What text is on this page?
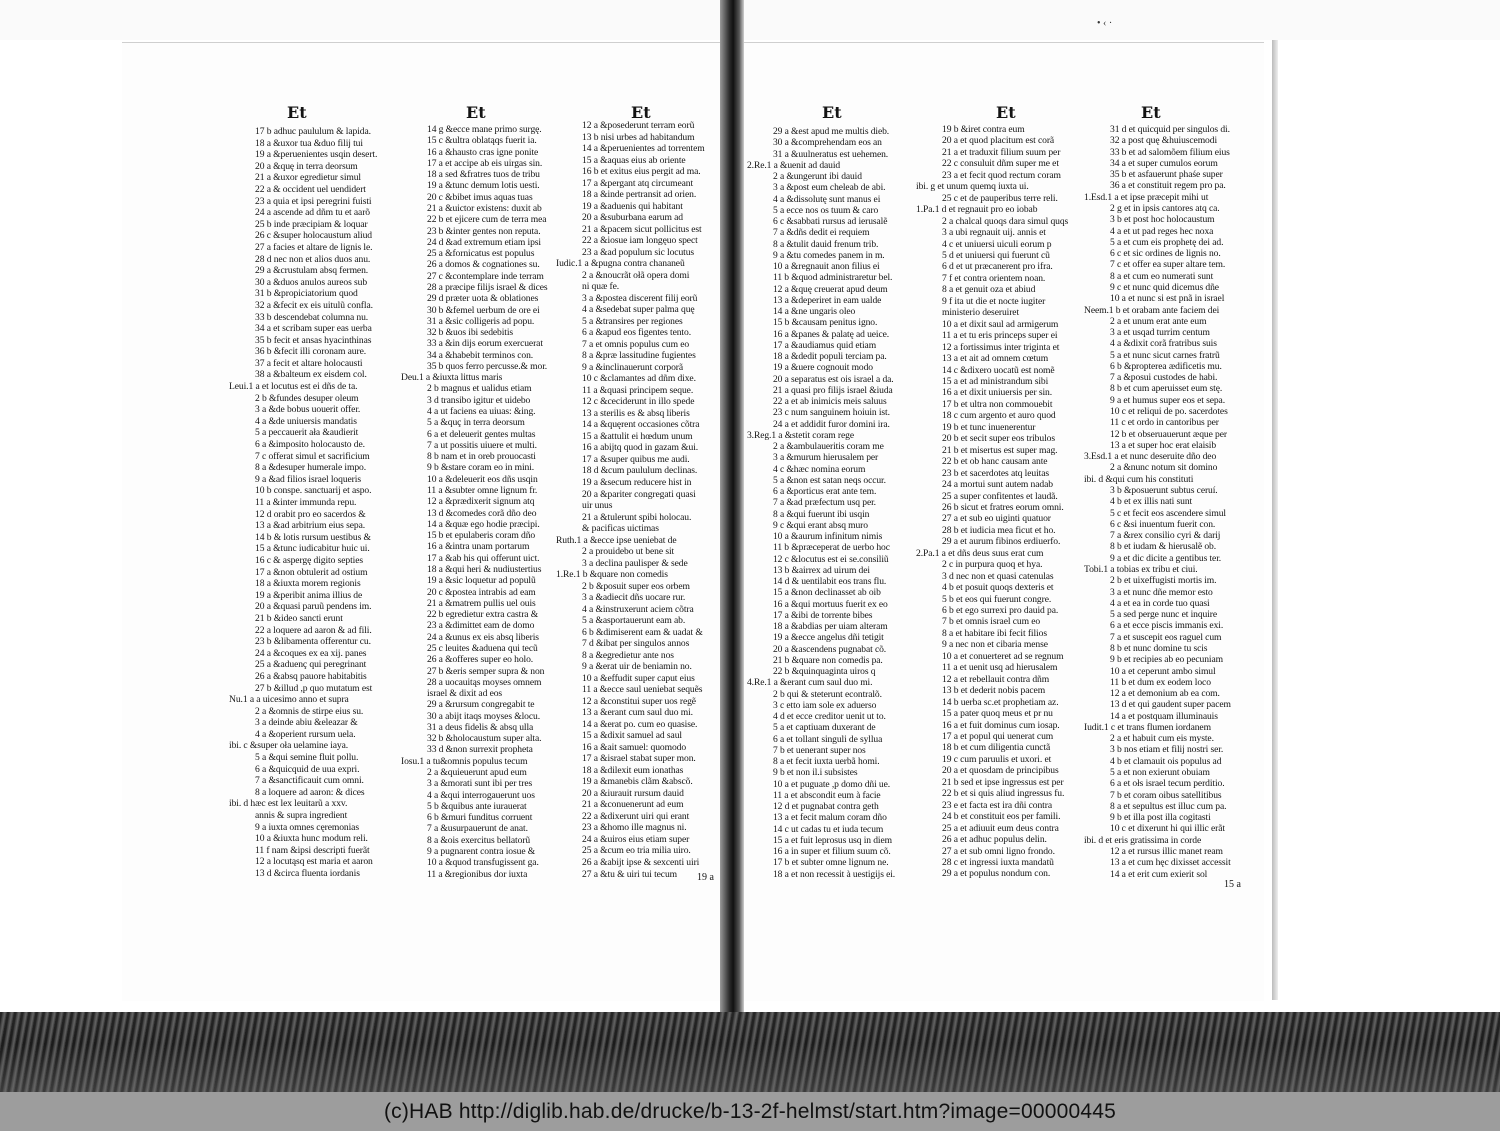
• ‹ ·
Et
17 b adhuc paululum & lapida.
18 a &uxor tua &duo filij tui
19 a &peruenientes usqin desert.
20 a &quę in terra deorsum
21 a &uxor egredietur simul
22 a & occident uel uendidert
23 a quia et ipsi peregrini fuisti
24 a ascende ad dñm tu et aarõ
25 b inde præcipiam & loquar
26 c &super holocaustum aliud
27 a facies et altare de lignis le.
28 d nec non et alios duos anu.
29 a &crustulam absq fermen.
30 a &duos anulos aureos sub
31 b &propiciatorium quod
32 a &fecit ex eis uitulũ confla.
33 b descendebat columna nu.
34 a et scribam super eas uerba
35 b fecit et ansas hyacinthinas
36 b &fecit illi coronam aure.
37 a fecit et altare holocausti
38 a &balteum ex eisdem col.
Leui.1 a et locutus est ei dñs de ta.
2 b &fundes desuper oleum
3 a &de bobus uouerit offer.
4 a &de uniuersis mandatis
5 a peccauerit ała &audierit
6 a &imposito holocausto de.
7 c offerat simul et sacrificium
8 a &desuper humerale impo.
9 a &ad filios israel loqueris
10 b conspe. sanctuarij et aspo.
11 a &inter immunda repu.
12 d orabit pro eo sacerdos &
13 a &ad arbitrium eius sepa.
14 b & lotis rursum uestibus &
15 a &tunc iudicabitur huic ui.
16 c & aspergę digito septies
17 a &non obtulerit ad ostium
18 a &iuxta morem regionis
19 a &peribit anima illius de
20 a &quasi paruũ pendens im.
21 b &ideo sancti erunt
22 a loquere ad aaron & ad fili.
23 b &libamenta offerentur cu.
24 a &coques ex ea xij. panes
25 a &aduenç qui peregrinant
26 a &absq pauore habitabitis
27 b &illud ,p quo mutatum est
Nu.1 a a uicesimo anno et supra
2 a &omnis de stirpe eius su.
3 a deinde abiu &eleazar &
4 a &operient rursum uela.
ibi. c &super oła uelamine iaya.
5 a &qui semine fluit pollu.
6 a &quicquid de uua expri.
7 a &sanctificauit cum omni.
8 a loquere ad aaron: & dices
ibi. d hæc est lex leuitarũ a xxv.
annis & supra ingredient
9 a iuxta omnes cęremonias
10 a &iuxta hunc modum reli.
11 f nam &ipsi descripti fuerãt
12 a locutąsq est maria et aaron
13 d &circa fluenta iordanis
Et
14 g &ecce mane primo surgę.
15 c &ultra oblatąqs fuerit ia.
16 a &hausto cras igne ponite
17 a et accipe ab eis uirgas sin.
18 a sed &fratres tuos de tribu
19 a &tunc demum lotis uesti.
20 c &bibet imus aquas tuas
21 a &uictor existens: duxit ab
22 b et ejicere cum de terra mea
23 b &inter gentes non reputa.
24 d &ad extremum etiam ipsi
25 a &fornicatus est populus
26 a domos & cognationes su.
27 c &contemplare inde terram
28 a præcipe filijs israel & dices
29 d præter uota & oblationes
30 b &femel uerbum de ore ei
31 a &sic colligeris ad popu.
32 b &uos ibi sedebitis
33 a &in dijs eorum exercuerat
34 a &habebit terminos con.
35 b quos ferro percusse.& mor.
Deu.1 a &iuxta littus maris
2 b magnus et ualidus etiam
3 d transibo igitur et uidebo
4 a ut faciens ea uiuas: &ing.
5 a &quç in terra deorsum
6 a et deleuerit gentes multas
7 a ut possitis uiuere et multi.
8 b nam et in oreb prouocasti
9 b &stare coram eo in mini.
10 a &deleuerit eos dñs usqin
11 a &subter omne lignum fr.
12 a &prædixerit signum atq
13 d &comedes corã dño deo
14 a &quæ ego hodie præcipi.
15 b et epulaberis coram dño
16 a &intra unam portarum
17 a &ab his qui offerunt uict.
18 a &qui heri & nudiustertius
19 a &sic loquetur ad populũ
20 c &postea intrabis ad eam
21 a &matrem pullis uel ouis
22 b egredietur extra castra &
23 a &dimittet eam de domo
24 a &unus ex eis absq liberis
25 c leuites &aduena qui tecũ
26 a &offeres super eo holo.
27 b &eris semper supra & non
28 a uocauitąs moyses omnem
israel & dixit ad eos
29 a &rursum congregabit te
30 a abijt itaqs moyses &locu.
31 a deus fidelis & absq ulla
32 b &holocaustum super alta.
33 d &non surrexit propheta
Iosu.1 a tu&omnis populus tecum
2 a &quieuerunt apud eum
3 a &morati sunt ibi per tres
4 a &qui interrogauerunt uos
5 b &quibus ante iurauerat
6 b &muri funditus corruent
7 a &usurpauerunt de anat.
8 a &ois exercitus bellatorũ
9 a pugnarent contra iosue &
10 a &quod transfugissent ga.
11 a &regionibus dor iuxta
Et
12 a &posederunt terram eorũ
13 b nisi urbes ad habitandum
14 a &peruenientes ad torrentem
15 a &aquas eius ab oriente
16 b et exitus eius pergit ad ma.
17 a &pergant atq circumeant
18 a &inde pertransit ad orien.
19 a &aduenis qui habitant
20 a &suburbana earum ad
21 a &pacem sicut pollicitus est
22 a &iosue iam longęuo spect
23 a &ad populum sic locutus
Iudic.1 a &pugna contra chananeũ
2 a &noucrãt ołã opera domi
ni quæ fe.
3 a &postea discerent filij eorũ
4 a &sedebat super palma quę
5 a &transires per regiones
6 a &apud eos figentes tento.
7 a et omnis populus cum eo
8 a &præ lassitudine fugientes
9 a &inclinauerunt corporã
10 c &clamantes ad dñm dixe.
11 a &quasi principem seque.
12 c &ceciderunt in illo spede
13 a sterilis es & absq liberis
14 a &quęrent occasiones cõtra
15 a &attulit ei hœdum unum
16 a abijtq quod in gazam &ui.
17 a &super quibus me audi.
18 d &cum paululum declinas.
19 a &secum reducere hist in
20 a &pariter congregati quasi
uir unus
21 a &tulerunt spibi holocau.
& pacificas uictimas
Ruth.1 a &ecce ipse ueniebat de
2 a prouidebo ut bene sit
3 a declina paulisper & sede
1.Re.1 b &quare non comedis
2 b &posuit super eos orbem
3 a &adiecit dñs uocare rur.
4 a &instruxerunt aciem cõtra
5 a &asportauerunt eam ab.
6 b &dimiserent eam & uadat &
7 d &ibat per singulos annos
8 a &egredietur ante nos
9 a &erat uir de beniamin no.
10 a &effudit super caput eius
11 a &ecce saul ueniebat sequẽs
12 a &constitui super uos regẽ
13 a &erant cum saul duo mi.
14 a &erat po. cum eo quasise.
15 a &dixit samuel ad saul
16 a &ait samuel: quomodo
17 a &israel stabat super mon.
18 a &dilexit eum ionathas
19 a &manebis clãm &abscõ.
20 a &iurauit rursum dauid
21 a &conuenerunt ad eum
22 a &dixerunt uiri qui erant
23 a &homo ille magnus ni.
24 a &uiros eius etiam super
25 a &cum eo tria milia uiro.
26 a &abijt ipse & sexcenti uiri
27 a &tu & uiri tui tecum
Et
29 a &est apud me multis dieb.
30 a &comprehendam eos an
31 a &uulneratus est uehemen.
2.Re.1 a &uenit ad dauid
2 a &ungerunt ibi dauid
3 a &post eum cheleab de abi.
4 a &dissolutę sunt manus ei
5 a ecce nos os tuum & caro
6 c &sabbati rursus ad ierusalẽ
7 a &dñs dedit ei requiem
8 a &tulit dauid frenum trib.
9 a &tu comedes panem in m.
10 a &regnauit anon filius ei
11 b &quod administraretur bel.
12 a &quę creuerat apud deum
13 a &deperiret in eam ualde
14 a &ne ungaris oleo
15 b &causam penitus igno.
16 a &panes & palatę ad ueice.
17 a &audiamus quid etiam
18 a &dedit populi terciam pa.
19 a &uere cognouit modo
20 a separatus est ois israel a da.
21 a quasi pro filijs israel &iuda
22 a et ab inimicis meis saluus
23 c num sanguinem hoiuin ist.
24 a et addidit furor domini ira.
3.Reg.1 a &stetit coram rege
2 a &ambulaueritis coram me
3 a &murum hierusalem per
4 c &hæc nomina eorum
5 a &non est satan neqs occur.
6 a &porticus erat ante tem.
7 a &ad præfectum usq per.
8 a &qui fuerunt ibi usqin
9 c &qui erant absq muro
10 a &aurum infinitum nimis
11 b &præceperat de uerbo hoc
12 c &locutus est ei se.consiliũ
13 b &airrex ad uirum dei
14 d & uentilabit eos trans flu.
15 a &non declinasset ab oib
16 a &qui mortuus fuerit ex eo
17 a &ibi de torrente bibes
18 a &abdias per uiam alteram
19 a &ecce angelus dñi tetigit
20 a &ascendens pugnabat cõ.
21 b &quare non comedis pa.
22 b &quinquaginta uiros q
4.Re.1 a &erant cum saul duo mi.
2 b qui & steterunt econtralõ.
3 c etto iam sole ex aduerso
4 d et ecce creditor uenit ut to.
5 a et captiuam duxerant de
6 a et tollant singuli de syllua
7 b et uenerant super nos
8 a et fecit iuxta uerbã homi.
9 b et non il.i subsistes
10 a et puguate ,p domo dñi ue.
11 a et abscondit eum à facie
12 d et pugnabat contra geth
13 a et fecit malum coram dño
14 c ut cadas tu et iuda tecum
15 a et fuit leprosus usq in diem
16 a in super et filium suum cõ.
17 b et subter omne lignum ne.
18 a et non recessit à uestigijs ei.
Et
19 b &iret contra eum
20 a et quod placitum est corã
21 a et traduxit filium suum per
22 c consuluit dñm super me et
23 a et fecit quod rectum coram
ibi. g et unum quemq iuxta ui.
25 c et de pauperibus terre reli.
1.Pa.1 d et regnauit pro eo iobab
2 a chalcal quoqs dara simul quqs
3 a ubi regnauit uij. annis et
4 c et uniuersi uiculi eorum p
5 d et uniuersi qui fuerunt cũ
6 d et ut præcanerent pro ifra.
7 f et contra orientem noan.
8 a et genuit oza et abiud
9 f ita ut die et nocte iugiter
ministerio deseruiret
10 a et dixit saul ad armigerum
11 a et tu eris princeps super ei
12 a fortissimus inter triginta et
13 a et ait ad omnem cœtum
14 c &dixero uocatũ est nomẽ
15 a et ad ministrandum sibi
16 a et dixit uniuersis per sin.
17 b et ultra non commouebit
18 c cum argento et auro quod
19 b et tunc inuenerentur
20 b et secit super eos tribulos
21 b et misertus est super mag.
22 b et ob hanc causam ante
23 b et sacerdotes atq leuitas
24 a mortui sunt autem nadab
25 a super confitentes et laudã.
26 b sicut et fratres eorum omni.
27 a et sub eo uiginti quatuor
28 b et iudicia mea ficut et ho.
29 a et aurum fibinos erdiuerfo.
2.Pa.1 a et dñs deus suus erat cum
2 c in purpura quoq et hya.
3 d nec non et quasi catenulas
4 b et posuit quoqs dexteris et
5 b et eos qui fuerunt congre.
6 b et ego surrexi pro dauid pa.
7 b et omnis israel cum eo
8 a et habitare ibi fecit filios
9 a nec non et cibaria mense
10 a et conuerteret ad se regnum
11 a et uenit usq ad hierusalem
12 a et rebellauit contra dñm
13 b et dederit nobis pacem
14 b uerba sc.et prophetiam az.
15 a pater quoq meus et pr nu
16 a et fuit dominus cum iosap.
17 a et popul qui uenerat cum
18 b et cum diligentia cunctã
19 c cum paruulis et uxori. et
20 a et quosdam de principibus
21 b sed et ipse ingressus est per
22 b et si quis aliud ingressus fu.
23 e et facta est ira dñi contra
24 b et constituit eos per famili.
25 a et adiuuit eum deus contra
26 a et adhuc populus delin.
27 a et sub omni ligno frondo.
28 c et ingressi iuxta mandatũ
29 a et populus nondum con.
Et
31 d et quicquid per singulos di.
32 a post quę &huiuscemodi
33 b et ad salomõem filium eius
34 a et super cumulos eorum
35 b et asfauerunt phaśe super
36 a et constituit regem pro pa.
1.Esd.1 a et ipse præcepit mihi ut
2 g et in ipsis cantores atq ca.
3 b et post hoc holocaustum
4 a et ut pad reges hec noxa
5 a et cum eis prophetę dei ad.
6 c et sic ordines de lignis no.
7 c et offer ea super altare tem.
8 a et cum eo numerati sunt
9 c et nunc quid dicemus dñe
10 a et nunc si est pnã in israel
Neem.1 b et orabam ante faciem dei
2 a et unum erat ante eum
3 a et usqad turrim centum
4 a &dixit corã fratribus suis
5 a et nunc sicut carnes fratrũ
6 b &propterea ædificetis mu.
7 a &posui custodes de habi.
8 b et cum aperuisset eum stę.
9 a et humus super eos et sepa.
10 c et reliqui de po. sacerdotes
11 c et ordo in cantoribus per
12 b et obseruauerunt æque per
13 a et super hoc erat elaisib
3.Esd.1 a et nunc deseruite dño deo
2 a &nunc notum sit domino
ibi. d &qui cum his constituti
3 b &posuerunt subtus ceruí.
4 b et ex illis nati sunt
5 c et fecit eos ascendere simul
6 c &si inuentum fuerit con.
7 a &rex consilio cyri & darij
8 b et iudam & hierusalẽ ob.
9 a et dic dicite a gentibus ter.
Tobi.1 a tobias ex tribu et ciui.
2 b et uixeffugisti mortis im.
3 a et nunc dñe memor esto
4 a et ea in corde tuo quasi
5 a sed perge nunc et inquire
6 a et ecce piscis immanis exi.
7 a et suscepit eos raguel cum
8 b et nunc domine tu scis
9 b et recipies ab eo pecuniam
10 a et ceperunt ambo simul
11 b et dum ex eodem loco
12 a et demonium ab ea com.
13 d et qui gaudent super pacem
14 a et postquam illuminauis
Iudit.1 c et trans flumen iordanem
2 a et habuit cum eis myste.
3 b nos etiam et filij nostri ser.
4 b et clamauit ois populus ad
5 a et non exierunt obuiam
6 a et ołs israel tecum perditio.
7 b et coram oibus satellitibus
8 a et sepultus est illuc cum pa.
9 b et illa post illa cogitasti
10 c et dixerunt hi qui illic erãt
ibi. d et eris gratissima in corde
12 a et rursus illic manet ream
13 a et cum hęc dixisset accessit
14 a et erit cum exierit sol
19 a
15 a
(c)HAB http://diglib.hab.de/drucke/b-13-2f-helmst/start.htm?image=00000445
